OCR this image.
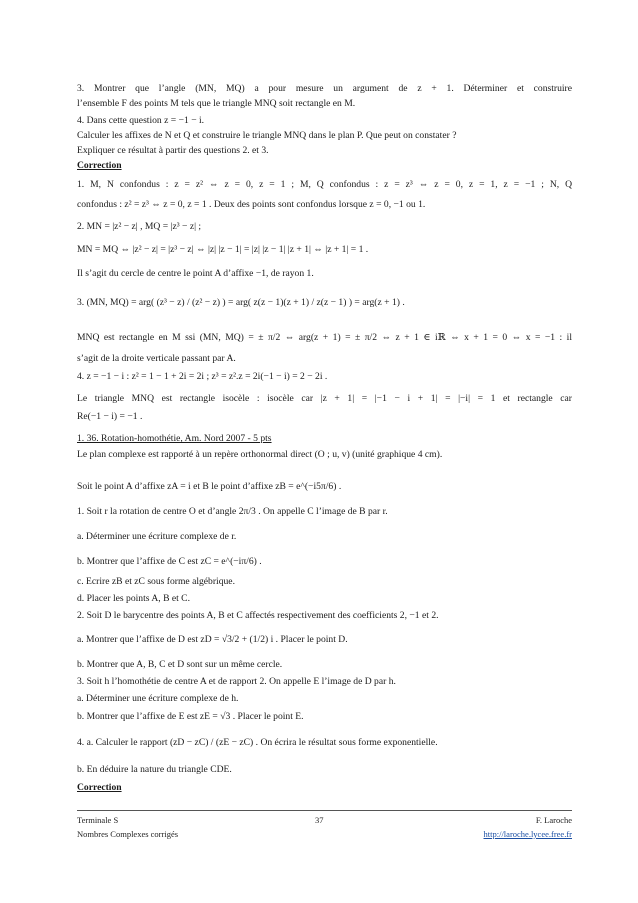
3. Montrer que l’angle (MN, MQ) a pour mesure un argument de z + 1. Déterminer et construire
l’ensemble F des points M tels que le triangle MNQ soit rectangle en M.
4. Dans cette question z = −1 − i.
Calculer les affixes de N et Q et construire le triangle MNQ dans le plan P. Que peut on constater ?
Expliquer ce résultat à partir des questions 2. et 3.
Correction
1. M, N confondus : z = z² ⇔ z = 0, z = 1 ; M, Q confondus : z = z³ ⇔ z = 0, z = 1, z = −1 ; N, Q
confondus : z² = z³ ⇔ z = 0, z = 1 . Deux des points sont confondus lorsque z = 0, −1 ou 1.
2. MN = |z² − z| , MQ = |z³ − z| ;
MN = MQ ⇔ |z² − z| = |z³ − z| ⇔ |z| |z − 1| = |z| |z − 1| |z + 1| ⇔ |z + 1| = 1 .
Il s’agit du cercle de centre le point A d’affixe −1, de rayon 1.
3. (MN, MQ) = arg( (z³ − z) / (z² − z) ) = arg( z(z − 1)(z + 1) / z(z − 1) ) = arg(z + 1) .
MNQ est rectangle en M ssi (MN, MQ) = ± π/2 ⇔ arg(z + 1) = ± π/2 ⇔ z + 1 ∈ iℝ ⇔ x + 1 = 0 ⇔ x = −1 : il
s’agit de la droite verticale passant par A.
4. z = −1 − i : z² = 1 − 1 + 2i = 2i ; z³ = z².z = 2i(−1 − i) = 2 − 2i .
Le triangle MNQ est rectangle isocèle : isocèle car |z + 1| = |−1 − i + 1| = |−i| = 1 et rectangle car
Re(−1 − i) = −1 .
1. 36. Rotation-homothétie, Am. Nord 2007 - 5 pts
Le plan complexe est rapporté à un repère orthonormal direct (O ; u, v) (unité graphique 4 cm).
Soit le point A d’affixe zA = i et B le point d’affixe zB = e^(−i5π/6) .
1. Soit r la rotation de centre O et d’angle 2π/3 . On appelle C l’image de B par r.
a. Déterminer une écriture complexe de r.
b. Montrer que l’affixe de C est zC = e^(−iπ/6) .
c. Ecrire zB et zC sous forme algébrique.
d. Placer les points A, B et C.
2. Soit D le barycentre des points A, B et C affectés respectivement des coefficients 2, −1 et 2.
a. Montrer que l’affixe de D est zD = √3/2 + (1/2) i . Placer le point D.
b. Montrer que A, B, C et D sont sur un même cercle.
3. Soit h l’homothétie de centre A et de rapport 2. On appelle E l’image de D par h.
a. Déterminer une écriture complexe de h.
b. Montrer que l’affixe de E est zE = √3 . Placer le point E.
4. a. Calculer le rapport (zD − zC) / (zE − zC) . On écrira le résultat sous forme exponentielle.
b. En déduire la nature du triangle CDE.
Correction
Terminale S	37	F. Laroche
Nombres Complexes corrigés	http://laroche.lycee.free.fr
